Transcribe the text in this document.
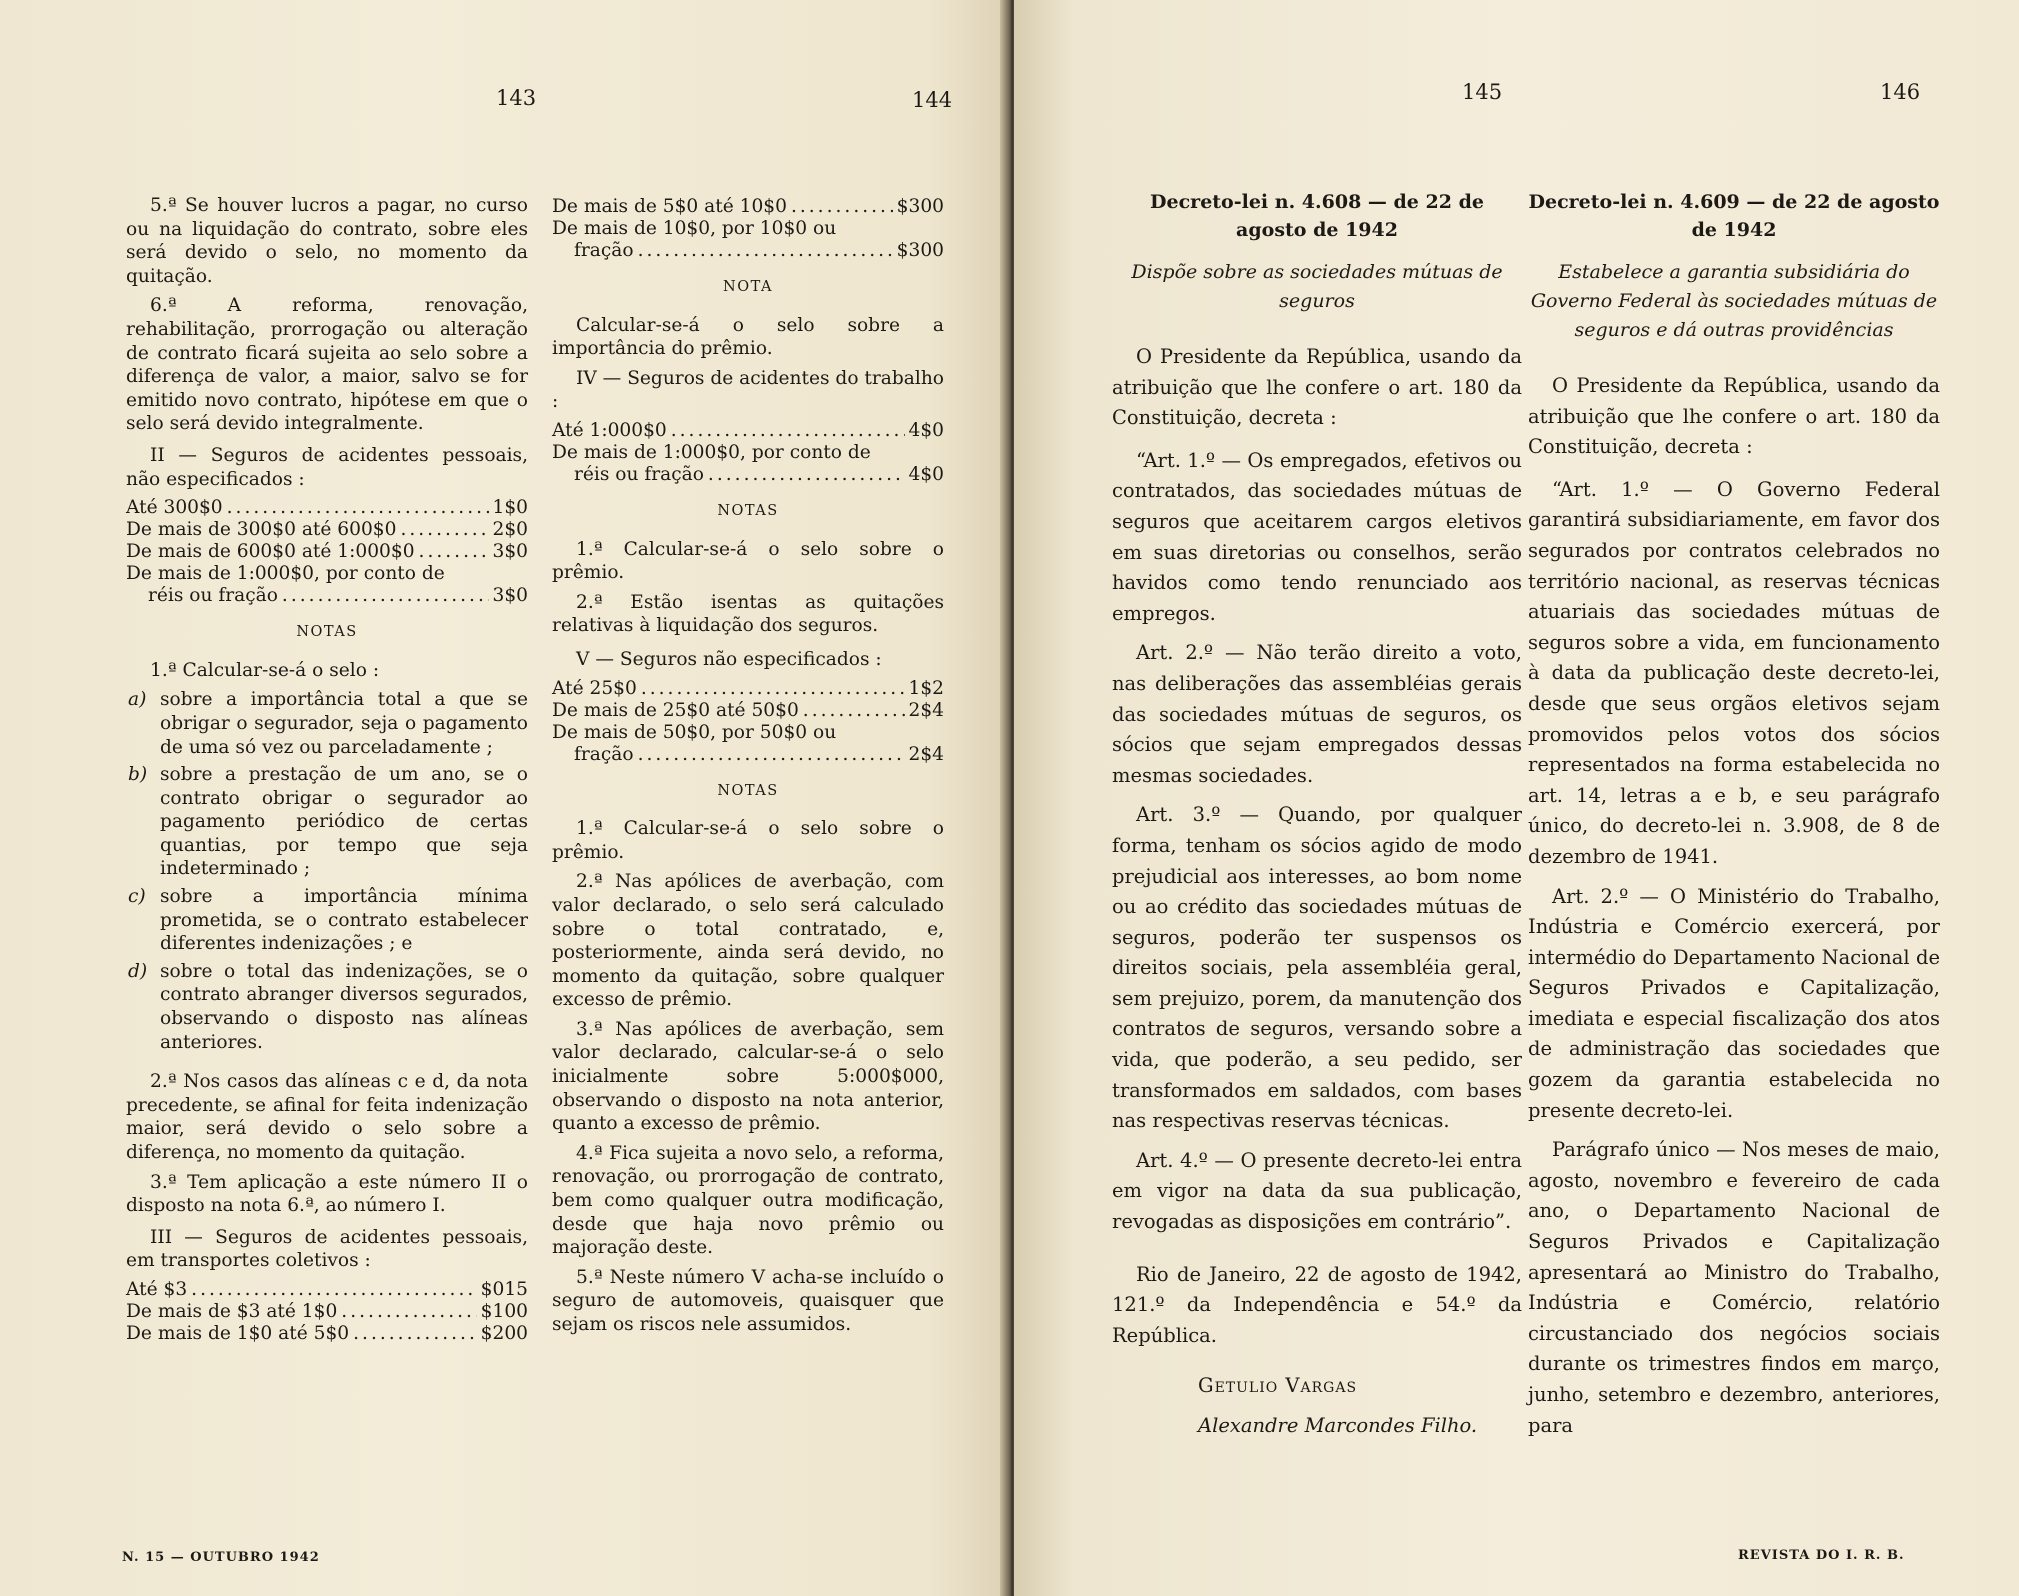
143	144

5.ª Se houver lucros a pagar, no curso ou na liquidação do contrato, sobre eles será devido o selo, no momento da quitação.

6.ª A reforma, renovação, rehabilitação, prorrogação ou alteração de contrato ficará sujeita ao selo sobre a diferença de valor, a maior, salvo se for emitido novo contrato, hipótese em que o selo será devido integralmente.

II — Seguros de acidentes pessoais, não especificados :

Até 300$0 .....	1$0
De mais de 300$0 até 600$0 .....	2$0
De mais de 600$0 até 1:000$0 .....	3$0
De mais de 1:000$0, por conto de
réis ou fração .....	3$0
NOTAS

1.ª Calcular-se-á o selo :

a) sobre a importância total a que se obrigar o segurador, seja o pagamento de uma só vez ou parceladamente ;
b) sobre a prestação de um ano, se o contrato obrigar o segurador ao pagamento periódico de certas quantias, por tempo que seja indeterminado ;
c) sobre a importância mínima prometida, se o contrato estabelecer diferentes indenizações ; e
d) sobre o total das indenizações, se o contrato abranger diversos segurados, observando o disposto nas alíneas anteriores.

2.ª Nos casos das alíneas c e d, da nota precedente, se afinal for feita indenização maior, será devido o selo sobre a diferença, no momento da quitação.

3.ª Tem aplicação a este número II o disposto na nota 6.ª, ao número I.

III — Seguros de acidentes pessoais, em transportes coletivos :

Até $3 .....	$015
De mais de $3 até 1$0 .....	$100
De mais de 1$0 até 5$0 .....	$200
De mais de 5$0 até 10$0 .....	$300
De mais de 10$0, por 10$0 ou
fração .....	$300
NOTA

Calcular-se-á o selo sobre a importância do prêmio.

IV — Seguros de acidentes do trabalho :

Até 1:000$0 .....	4$0
De mais de 1:000$0, por conto de
réis ou fração .....	4$0
NOTAS

1.ª Calcular-se-á o selo sobre o prêmio.

2.ª Estão isentas as quitações relativas à liquidação dos seguros.

V — Seguros não especificados :

Até 25$0 .....	1$2
De mais de 25$0 até 50$0 .....	2$4
De mais de 50$0, por 50$0 ou
fração .....	2$4
NOTAS

1.ª Calcular-se-á o selo sobre o prêmio.

2.ª Nas apólices de averbação, com valor declarado, o selo será calculado sobre o total contratado, e, posteriormente, ainda será devido, no momento da quitação, sobre qualquer excesso de prêmio.

3.ª Nas apólices de averbação, sem valor declarado, calcular-se-á o selo inicialmente sobre 5:000$000, observando o disposto na nota anterior, quanto a excesso de prêmio.

4.ª Fica sujeita a novo selo, a reforma, renovação, ou prorrogação de contrato, bem como qualquer outra modificação, desde que haja novo prêmio ou majoração deste.

5.ª Neste número V acha-se incluído o seguro de automoveis, quaisquer que sejam os riscos nele assumidos.

N. 15 — OUTUBRO 1942
145	146
Decreto-lei n. 4.608 — de 22 de agosto de 1942
Dispõe sobre as sociedades mútuas de seguros

O Presidente da República, usando da atribuição que lhe confere o art. 180 da Constituição, decreta :

“Art. 1.º — Os empregados, efetivos ou contratados, das sociedades mútuas de seguros que aceitarem cargos eletivos em suas diretorias ou conselhos, serão havidos como tendo renunciado aos empregos.

Art. 2.º — Não terão direito a voto, nas deliberações das assembléias gerais das sociedades mútuas de seguros, os sócios que sejam empregados dessas mesmas sociedades.

Art. 3.º — Quando, por qualquer forma, tenham os sócios agido de modo prejudicial aos interesses, ao bom nome ou ao crédito das sociedades mútuas de seguros, poderão ter suspensos os direitos sociais, pela assembléia geral, sem prejuizo, porem, da manutenção dos contratos de seguros, versando sobre a vida, que poderão, a seu pedido, ser transformados em saldados, com bases nas respectivas reservas técnicas.

Art. 4.º — O presente decreto-lei entra em vigor na data da sua publicação, revogadas as disposições em contrário”.

Rio de Janeiro, 22 de agosto de 1942, 121.º da Independência e 54.º da República.

Getulio Vargas

Alexandre Marcondes Filho.

Decreto-lei n. 4.609 — de 22 de agosto de 1942
Estabelece a garantia subsidiária do Governo Federal às sociedades mútuas de seguros e dá outras providências

O Presidente da República, usando da atribuição que lhe confere o art. 180 da Constituição, decreta :

“Art. 1.º — O Governo Federal garantirá subsidiariamente, em favor dos segurados por contratos celebrados no território nacional, as reservas técnicas atuariais das sociedades mútuas de seguros sobre a vida, em funcionamento à data da publicação deste decreto-lei, desde que seus orgãos eletivos sejam promovidos pelos votos dos sócios representados na forma estabelecida no art. 14, letras a e b, e seu parágrafo único, do decreto-lei n. 3.908, de 8 de dezembro de 1941.

Art. 2.º — O Ministério do Trabalho, Indústria e Comércio exercerá, por intermédio do Departamento Nacional de Seguros Privados e Capitalização, imediata e especial fiscalização dos atos de administração das sociedades que gozem da garantia estabelecida no presente decreto-lei.

Parágrafo único — Nos meses de maio, agosto, novembro e fevereiro de cada ano, o Departamento Nacional de Seguros Privados e Capitalização apresentará ao Ministro do Trabalho, Indústria e Comércio, relatório circustanciado dos negócios sociais durante os trimestres findos em março, junho, setembro e dezembro, anteriores, para

REVISTA DO I. R. B.
